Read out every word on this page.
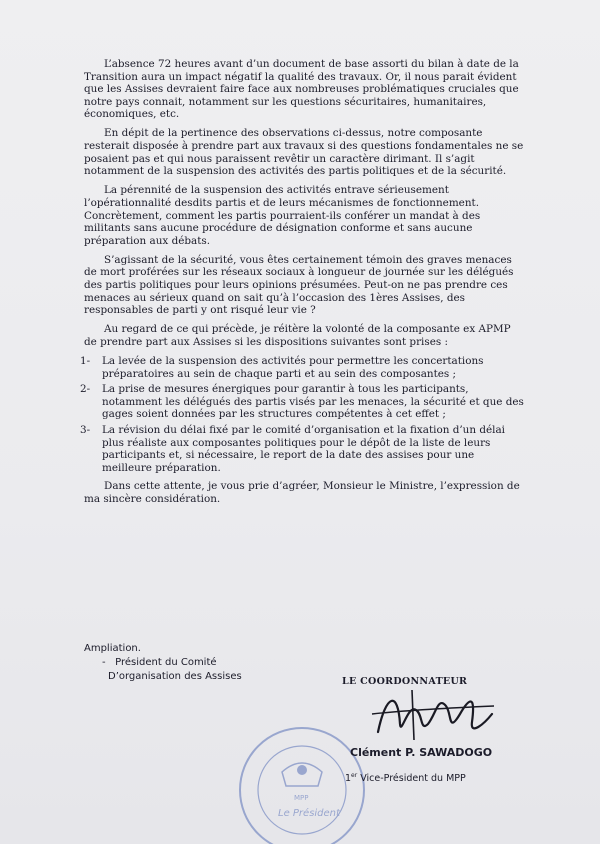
L’absence 72 heures avant d’un document de base assorti du bilan à date de la Transition aura un impact négatif la qualité des travaux. Or, il nous parait évident que les Assises devraient faire face aux nombreuses problématiques cruciales que notre pays connait, notamment sur les questions sécuritaires, humanitaires, économiques, etc.

En dépit de la pertinence des observations ci-dessus, notre composante resterait disposée à prendre part aux travaux si des questions fondamentales ne se posaient pas et qui nous paraissent revêtir un caractère dirimant. Il s’agit notamment de la suspension des activités des partis politiques et de la sécurité.

La pérennité de la suspension des activités entrave sérieusement l’opérationnalité desdits partis et de leurs mécanismes de fonctionnement. Concrètement, comment les partis pourraient-ils conférer un mandat à des militants sans aucune procédure de désignation conforme et sans aucune préparation aux débats.

S’agissant de la sécurité, vous êtes certainement témoin des graves menaces de mort proférées sur les réseaux sociaux à longueur de journée sur les délégués des partis politiques pour leurs opinions présumées. Peut-on ne pas prendre ces menaces au sérieux quand on sait qu’à l’occasion des 1ères Assises, des responsables de parti y ont risqué leur vie ?

Au regard de ce qui précède, je réitère la volonté de la composante ex APMP de prendre part aux Assises si les dispositions suivantes sont prises :

1- La levée de la suspension des activités pour permettre les concertations préparatoires au sein de chaque parti et au sein des composantes ;
2- La prise de mesures énergiques pour garantir à tous les participants, notamment les délégués des partis visés par les menaces, la sécurité et que des gages soient données par les structures compétentes à cet effet ;
3- La révision du délai fixé par le comité d’organisation et la fixation d’un délai plus réaliste aux composantes politiques pour le dépôt de la liste de leurs participants et, si nécessaire, le report de la date des assises pour une meilleure préparation.

Dans cette attente, je vous prie d’agréer, Monsieur le Ministre, l’expression de ma sincère considération.

Ampliation.
- Président du Comité
D’organisation des Assises	LE COORDONNATEUR
MPP
Le Président
Clément P. SAWADOGO
1er Vice-Président du MPP
